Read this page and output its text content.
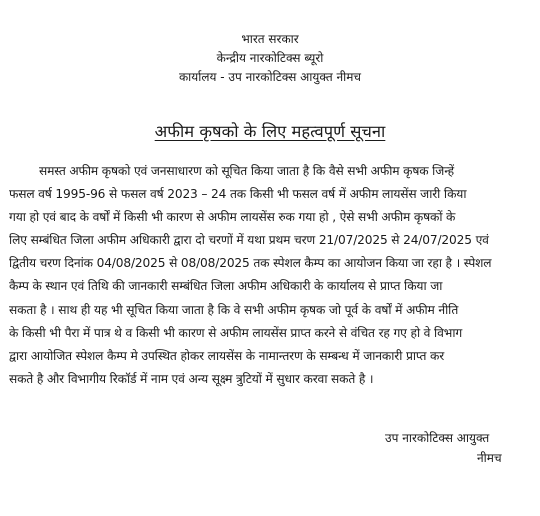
भारत सरकार
केन्द्रीय नारकोटिक्स ब्यूरो
कार्यालय - उप नारकोटिक्स आयुक्त नीमच
अफीम कृषको के लिए महत्वपूर्ण सूचना
समस्त अफीम कृषको एवं जनसाधारण को सूचित किया जाता है कि वैसे सभी अफीम कृषक जिन्हें
फसल वर्ष 1995-96 से फसल वर्ष 2023 – 24 तक किसी भी फसल वर्ष में अफीम लायसेंस जारी किया
गया हो एवं बाद के वर्षों में किसी भी कारण से अफीम लायसेंस रुक गया हो , ऐसे सभी अफीम कृषकों के
लिए सम्बंधित जिला अफीम अधिकारी द्वारा दो चरणों में यथा प्रथम चरण 21/07/2025 से 24/07/2025 एवं
द्वितीय चरण दिनांक 04/08/2025 से 08/08/2025 तक स्पेशल कैम्प का आयोजन किया जा रहा है । स्पेशल
कैम्प के स्थान एवं तिथि की जानकारी सम्बंधित जिला अफीम अधिकारी के कार्यालय से प्राप्त किया जा
सकता है । साथ ही यह भी सूचित किया जाता है कि वे सभी अफीम कृषक जो पूर्व के वर्षों में अफीम नीति
के किसी भी पैरा में पात्र थे व किसी भी कारण से अफीम लायसेंस प्राप्त करने से वंचित रह गए हो वे विभाग
द्वारा आयोजित स्पेशल कैम्प मे उपस्थित होकर लायसेंस के नामान्तरण के सम्बन्ध में जानकारी प्राप्त कर
सकते है और विभागीय रिकॉर्ड में नाम एवं अन्य सूक्ष्म त्रुटियों में सुधार करवा सकते है ।
उप नारकोटिक्स आयुक्त
नीमच
